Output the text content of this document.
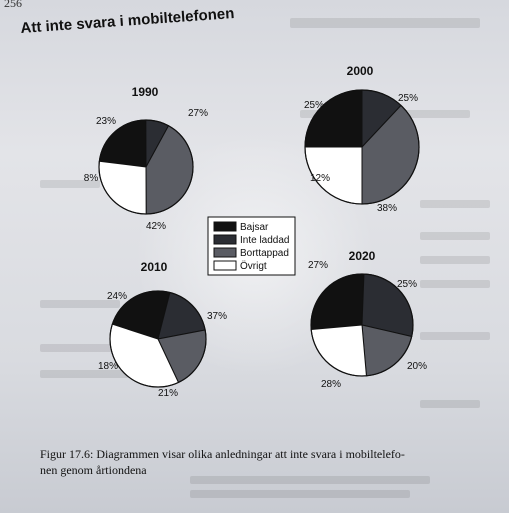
256
Att inte svara i mobiltelefonen
1990
23%
8%
42%
27%
2000
25%
12%
38%
25%
2010
24%
18%
21%
37%
2020
27%
28%
20%
25%
Bajsar
Inte laddad
Borttappad
Övrigt
Figur 17.6: Diagrammen visar olika anledningar att inte svara i mobiltelefo-
nen genom årtiondena
